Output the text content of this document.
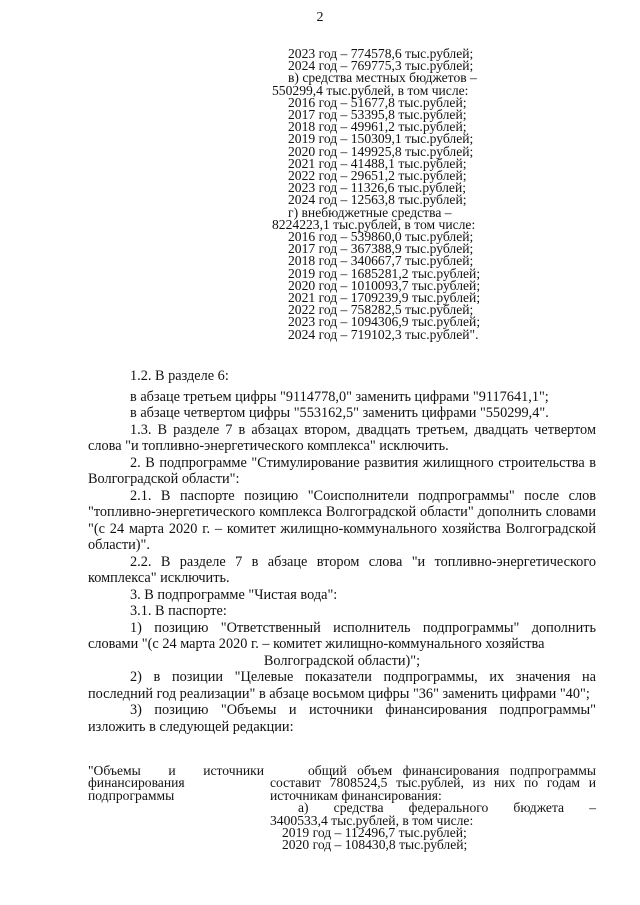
2
2023 год – 774578,6 тыс.рублей;
2024 год – 769775,3 тыс.рублей;
в) средства местных бюджетов –
550299,4 тыс.рублей, в том числе:
2016 год – 51677,8 тыс.рублей;
2017 год – 53395,8 тыс.рублей;
2018 год – 49961,2 тыс.рублей;
2019 год – 150309,1 тыс.рублей;
2020 год – 149925,8 тыс.рублей;
2021 год – 41488,1 тыс.рублей;
2022 год – 29651,2 тыс.рублей;
2023 год – 11326,6 тыс.рублей;
2024 год – 12563,8 тыс.рублей;
г) внебюджетные средства –
8224223,1 тыс.рублей, в том числе:
2016 год – 539860,0 тыс.рублей;
2017 год – 367388,9 тыс.рублей;
2018 год – 340667,7 тыс.рублей;
2019 год – 1685281,2 тыс.рублей;
2020 год – 1010093,7 тыс.рублей;
2021 год – 1709239,9 тыс.рублей;
2022 год – 758282,5 тыс.рублей;
2023 год – 1094306,9 тыс.рублей;
2024 год – 719102,3 тыс.рублей".

1.2. В разделе 6:

в абзаце третьем цифры "9114778,0" заменить цифрами "9117641,1";

в абзаце четвертом цифры "553162,5" заменить цифрами "550299,4".

1.3. В разделе 7 в абзацах втором, двадцать третьем, двадцать четвертом слова "и топливно-энергетического комплекса" исключить.

2. В подпрограмме "Стимулирование развития жилищного строительства в Волгоградской области":

2.1. В паспорте позицию "Соисполнители подпрограммы" после слов "топливно-энергетического комплекса Волгоградской области" дополнить словами "(с 24 марта 2020 г. – комитет жилищно-коммунального хозяйства Волгоградской области)".

2.2. В разделе 7 в абзаце втором слова "и топливно-энергетического комплекса" исключить.

3. В подпрограмме "Чистая вода":

3.1. В паспорте:

1) позицию "Ответственный исполнитель подпрограммы" дополнить словами "(с 24 марта 2020 г. – комитет жилищно-коммунального хозяйства

Волгоградской области)";

2) в позиции "Целевые показатели подпрограммы, их значения на последний год реализации" в абзаце восьмом цифры "36" заменить цифрами "40";

3) позицию "Объемы и источники финансирования подпрограммы" изложить в следующей редакции:

"Объемы и источники финансирования подпрограммы
общий объем финансирования подпрограммы составит 7808524,5 тыс.рублей, из них по годам и источникам финансирования:
а) средства федерального бюджета –
3400533,4 тыс.рублей, в том числе:
2019 год – 112496,7 тыс.рублей;
2020 год – 108430,8 тыс.рублей;
